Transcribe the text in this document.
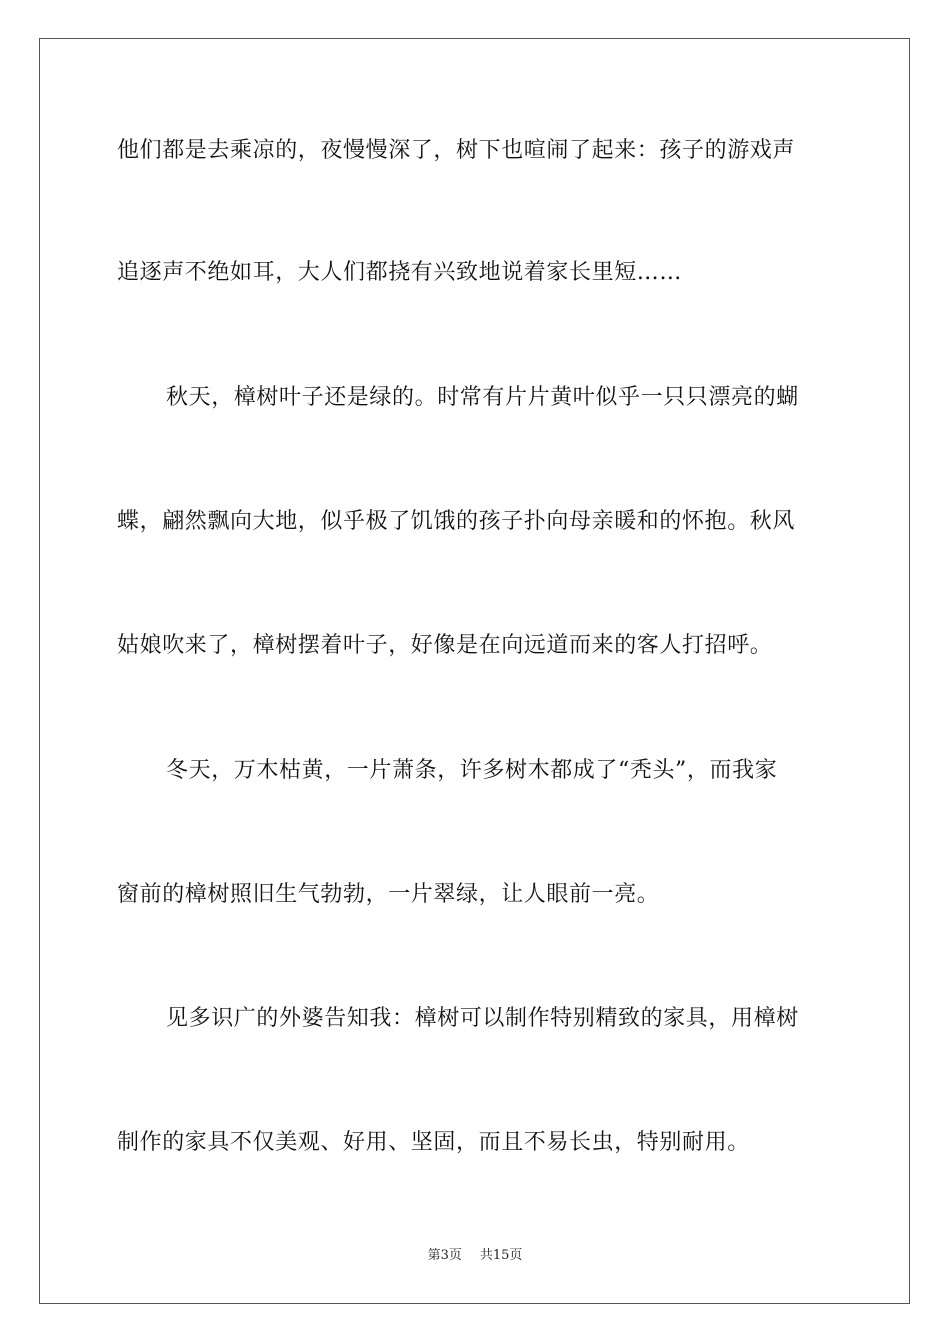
他们都是去乘凉的，夜慢慢深了，树下也喧闹了起来：孩子的游戏声
追逐声不绝如耳，大人们都挠有兴致地说着家长里短……
秋天，樟树叶子还是绿的。时常有片片黄叶似乎一只只漂亮的蝴
蝶，翩然飘向大地，似乎极了饥饿的孩子扑向母亲暖和的怀抱。秋风
姑娘吹来了，樟树摆着叶子，好像是在向远道而来的客人打招呼。
冬天，万木枯黄，一片萧条，许多树木都成了“秃头”，而我家
窗前的樟树照旧生气勃勃，一片翠绿，让人眼前一亮。
见多识广的外婆告知我：樟树可以制作特别精致的家具，用樟树
制作的家具不仅美观、好用、坚固，而且不易长虫，特别耐用。
第3页 共15页
